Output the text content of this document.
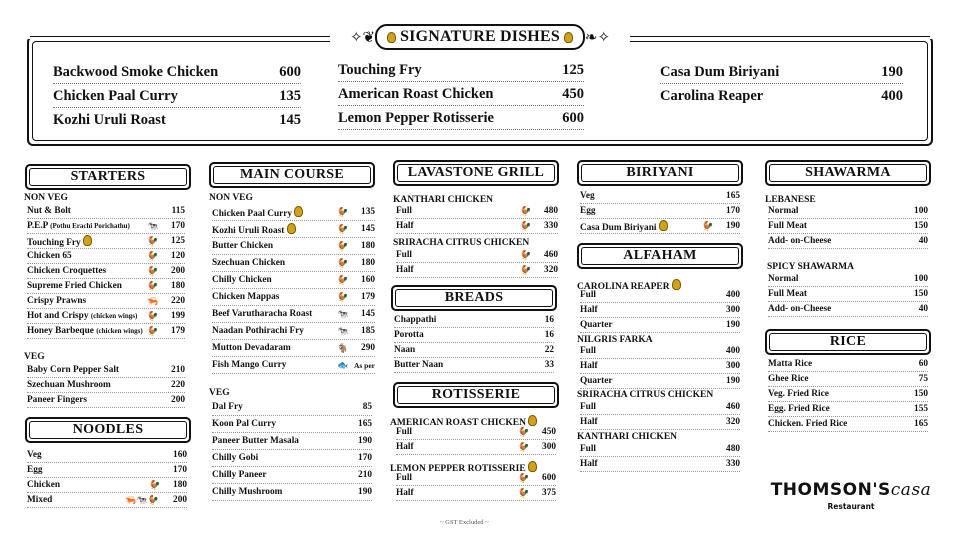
✧❦ SIGNATURE DISHES ❧✧
Backwood Smoke Chicken	600
Chicken Paal Curry	135
Kozhi Uruli Roast	145
Touching Fry	125
American Roast Chicken	450
Lemon Pepper Rotisserie	600
Casa Dum Biriyani	190
Carolina Reaper	400
STARTERS
NON VEG
Nut & Bolt	115
P.E.P (Pothu Erachi Porichathu)	🐄	170
Touching Fry	🐓	125
Chicken 65	🐓	120
Chicken Croquettes	🐓	200
Supreme Fried Chicken	🐓	180
Crispy Prawns	🦐	220
Hot and Crispy (chicken wings)	🐓	199
Honey Barbeque (chicken wings) 🐓	179
VEG
Baby Corn Pepper Salt	210
Szechuan Mushroom	220
Paneer Fingers	200
NOODLES
Veg	160
Egg	170
Chicken	🐓	180
Mixed	🦐🐄🐓	200
MAIN COURSE
NON VEG
Chicken Paal Curry	🐓	135
Kozhi Uruli Roast	🐓	145
Butter Chicken	🐓	180
Szechuan Chicken	🐓	180
Chilly Chicken	🐓	160
Chicken Mappas	🐓	179
Beef Varutharacha Roast	🐄	145
Naadan Pothirachi Fry	🐄	185
Mutton Devadaram	🐐	290
Fish Mango Curry	🐟 As per
VEG
Dal Fry	85
Koon Pal Curry	165
Paneer Butter Masala	190
Chilly Gobi	170
Chilly Paneer	210
Chilly Mushroom	190
LAVASTONE GRILL
KANTHARI CHICKEN
Full	🐓	480
Half	🐓	330
SRIRACHA CITRUS CHICKEN
Full	🐓	460
Half	🐓	320
BREADS
Chappathi	16
Porotta	16
Naan	22
Butter Naan	33
ROTISSERIE
AMERICAN ROAST CHICKEN
Full	🐓	450
Half	🐓	300
LEMON PEPPER ROTISSERIE
Full	🐓	600
Half	🐓	375
BIRIYANI
Veg	165
Egg	170
Casa Dum Biriyani	🐓	190
ALFAHAM
CAROLINA REAPER
Full	400
Half	300
Quarter	190
NILGRIS FARKA
Full	400
Half	300
Quarter	190
SRIRACHA CITRUS CHICKEN
Full	460
Half	320
KANTHARI CHICKEN
Full	480
Half	330
SHAWARMA
LEBANESE
Normal	100
Full Meat	150
Add- on-Cheese	40
SPICY SHAWARMA
Normal	100
Full Meat	150
Add- on-Cheese	40
RICE
Matta Rice	60
Ghee Rice	75
Veg. Fried Rice	150
Egg. Fried Rice	155
Chicken. Fried Rice	165
~ GST Excluded ~
THOMSON'Scasa
Restaurant
